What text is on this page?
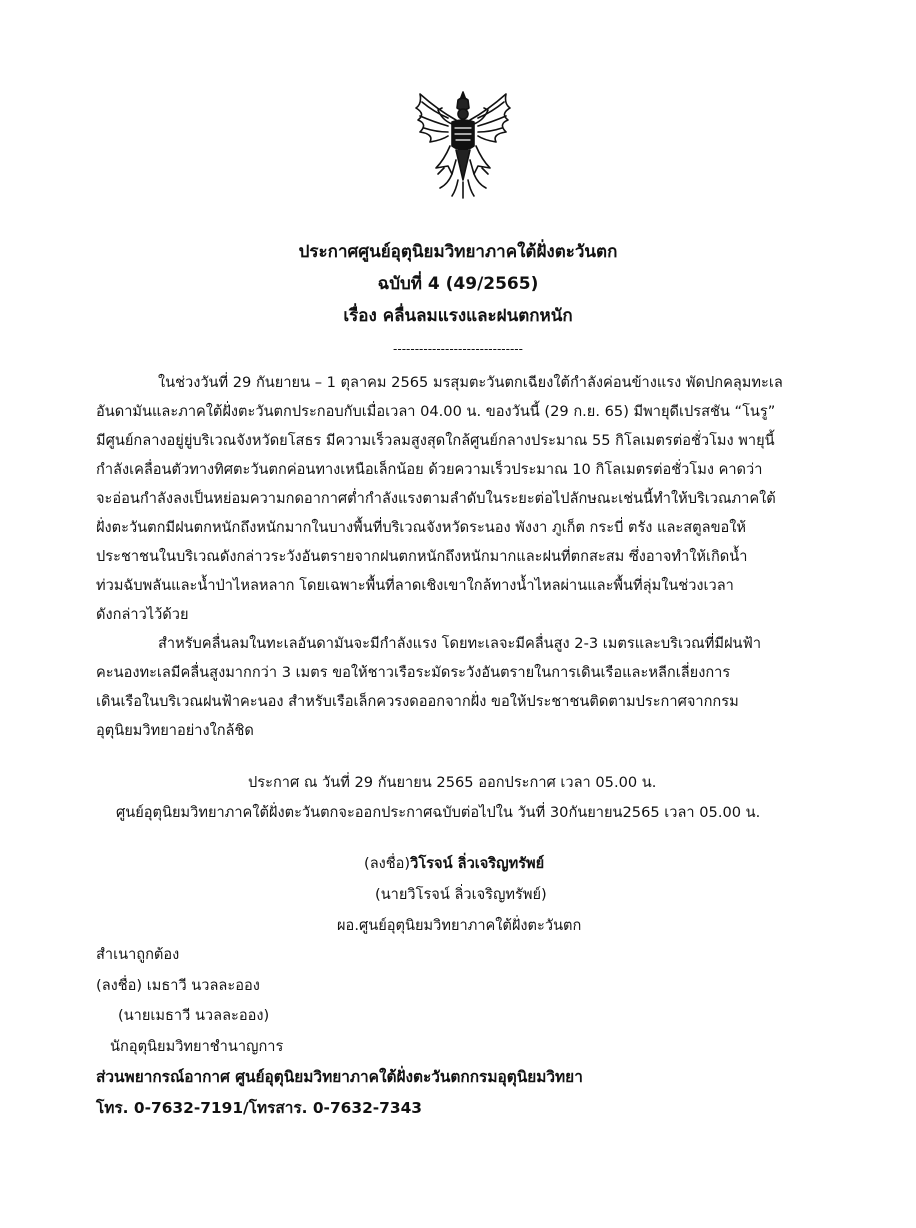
ประกาศศูนย์อุตุนิยมวิทยาภาคใต้ฝั่งตะวันตก
ฉบับที่ 4 (49/2565)
เรื่อง คลื่นลมแรงและฝนตกหนัก
------------------------------
ในช่วงวันที่ 29 กันยายน – 1 ตุลาคม 2565 มรสุมตะวันตกเฉียงใต้กำลังค่อนข้างแรง พัดปกคลุมทะเล
อันดามันและภาคใต้ฝั่งตะวันตกประกอบกับเมื่อเวลา 04.00 น. ของวันนี้ (29 ก.ย. 65) มีพายุดีเปรสชัน “โนรู”
มีศูนย์กลางอยู่ยู่บริเวณจังหวัดยโสธร มีความเร็วลมสูงสุดใกล้ศูนย์กลางประมาณ 55 กิโลเมตรต่อชั่วโมง พายุนี้
กำลังเคลื่อนตัวทางทิศตะวันตกค่อนทางเหนือเล็กน้อย ด้วยความเร็วประมาณ 10 กิโลเมตรต่อชั่วโมง คาดว่า
จะอ่อนกำลังลงเป็นหย่อมความกดอากาศต่ำกำลังแรงตามลำดับในระยะต่อไปลักษณะเช่นนี้ทำให้บริเวณภาคใต้
ฝั่งตะวันตกมีฝนตกหนักถึงหนักมากในบางพื้นที่บริเวณจังหวัดระนอง พังงา ภูเก็ต กระบี่ ตรัง และสตูลขอให้
ประชาชนในบริเวณดังกล่าวระวังอันตรายจากฝนตกหนักถึงหนักมากและฝนที่ตกสะสม ซึ่งอาจทำให้เกิดน้ำ
ท่วมฉับพลันและน้ำป่าไหลหลาก โดยเฉพาะพื้นที่ลาดเชิงเขาใกล้ทางน้ำไหลผ่านและพื้นที่ลุ่มในช่วงเวลา
ดังกล่าวไว้ด้วย
สำหรับคลื่นลมในทะเลอันดามันจะมีกำลังแรง โดยทะเลจะมีคลื่นสูง 2-3 เมตรและบริเวณที่มีฝนฟ้า
คะนองทะเลมีคลื่นสูงมากกว่า 3 เมตร ขอให้ชาวเรือระมัดระวังอันตรายในการเดินเรือและหลีกเลี่ยงการ
เดินเรือในบริเวณฝนฟ้าคะนอง สำหรับเรือเล็กควรงดออกจากฝั่ง ขอให้ประชาชนติดตามประกาศจากกรม
อุตุนิยมวิทยาอย่างใกล้ชิด
ประกาศ ณ วันที่ 29 กันยายน 2565 ออกประกาศ เวลา 05.00 น.
ศูนย์อุตุนิยมวิทยาภาคใต้ฝั่งตะวันตกจะออกประกาศฉบับต่อไปใน วันที่ 30กันยายน2565 เวลา 05.00 น.
(ลงชื่อ)วิโรจน์ ลิ่วเจริญทรัพย์
(นายวิโรจน์ ลิ่วเจริญทรัพย์)
ผอ.ศูนย์อุตุนิยมวิทยาภาคใต้ฝั่งตะวันตก
สำเนาถูกต้อง
(ลงชื่อ) เมธาวี นวลละออง
(นายเมธาวี นวลละออง)
นักอุตุนิยมวิทยาชำนาญการ
ส่วนพยากรณ์อากาศ ศูนย์อุตุนิยมวิทยาภาคใต้ฝั่งตะวันตกกรมอุตุนิยมวิทยา
โทร. 0-7632-7191/โทรสาร. 0-7632-7343
